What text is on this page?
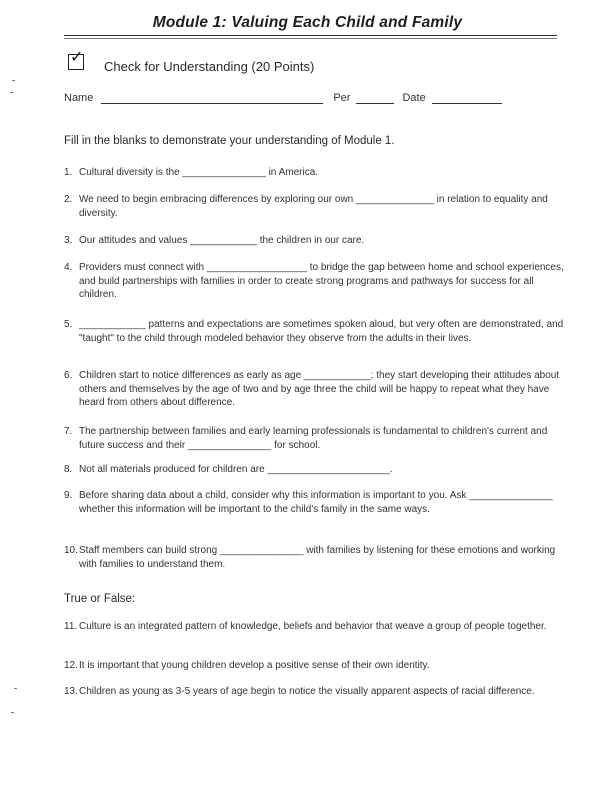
Module 1: Valuing Each Child and Family
✓
Check for Understanding (20 Points)
Name	Per	Date
Fill in the blanks to demonstrate your understanding of Module 1.
1. Cultural diversity is the _______________ in America.
2. We need to begin embracing differences by exploring our own ______________ in relation to equality and diversity.
3. Our attitudes and values ____________ the children in our care.
4. Providers must connect with __________________ to bridge the gap between home and school experiences, and build partnerships with families in order to create strong programs and pathways for success for all children.
5. ____________ patterns and expectations are sometimes spoken aloud, but very often are demonstrated, and "taught" to the child through modeled behavior they observe from the adults in their lives.
6. Children start to notice differences as early as age ____________; they start developing their attitudes about others and themselves by the age of two and by age three the child will be happy to repeat what they have heard from others about difference.
7. The partnership between families and early learning professionals is fundamental to children's current and future success and their _______________ for school.
8. Not all materials produced for children are ______________________.
9. Before sharing data about a child, consider why this information is important to you. Ask _______________ whether this information will be important to the child's family in the same ways.
10. Staff members can build strong _______________ with families by listening for these emotions and working with families to understand them.
True or False:
11. Culture is an integrated pattern of knowledge, beliefs and behavior that weave a group of people together.
12. It is important that young children develop a positive sense of their own identity.
13. Children as young as 3-5 years of age begin to notice the visually apparent aspects of racial difference.
